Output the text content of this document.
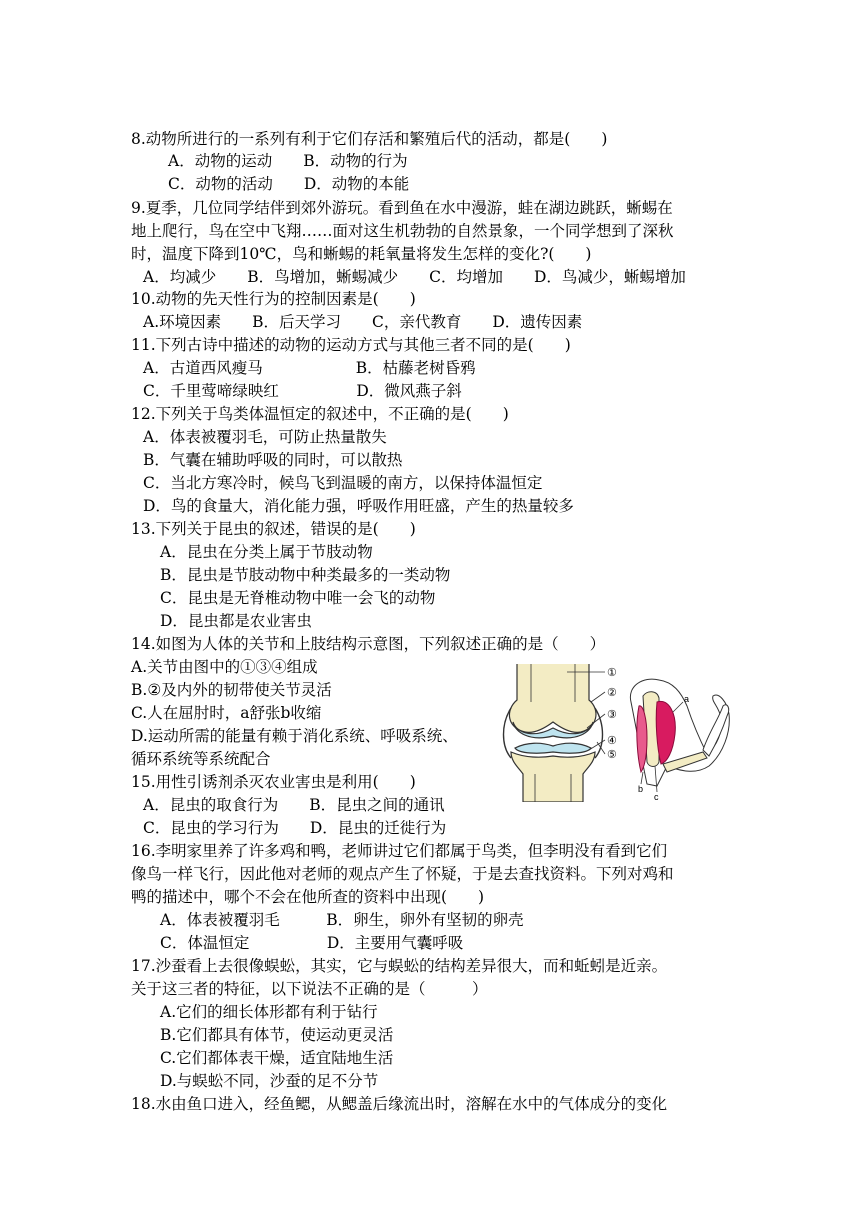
8.动物所进行的一系列有利于它们存活和繁殖后代的活动，都是(　　)
A．动物的运动　　B．动物的行为
C．动物的活动　　D．动物的本能
9.夏季，几位同学结伴到郊外游玩。看到鱼在水中漫游，蛙在湖边跳跃，蜥蜴在
地上爬行，鸟在空中飞翔……面对这生机勃勃的自然景象，一个同学想到了深秋
时，温度下降到10℃，鸟和蜥蜴的耗氧量将发生怎样的变化?(　　)
A．均减少　　B．鸟增加，蜥蜴减少　　C．均增加　　D．鸟减少，蜥蜴增加
10.动物的先天性行为的控制因素是(　　)
A.环境因素　　B．后天学习　　C，亲代教育　　D．遗传因素
11.下列古诗中描述的动物的运动方式与其他三者不同的是(　　)
A．古道西风瘦马　　　　　　B．枯藤老树昏鸦
C．千里莺啼绿映红　　　　　D．微风燕子斜
12.下列关于鸟类体温恒定的叙述中，不正确的是(　　)
A．体表被覆羽毛，可防止热量散失
B．气囊在辅助呼吸的同时，可以散热
C．当北方寒冷时，候鸟飞到温暖的南方，以保持体温恒定
D．鸟的食量大，消化能力强，呼吸作用旺盛，产生的热量较多
13.下列关于昆虫的叙述，错误的是(　　)
A．昆虫在分类上属于节肢动物
B．昆虫是节肢动物中种类最多的一类动物
C．昆虫是无脊椎动物中唯一会飞的动物
D．昆虫都是农业害虫
14.如图为人体的关节和上肢结构示意图，下列叙述正确的是（　　）
A.关节由图中的①③④组成
B.②及内外的韧带使关节灵活
C.人在屈肘时，a舒张b收缩
D.运动所需的能量有赖于消化系统、呼吸系统、
循环系统等系统配合
15.用性引诱剂杀灭农业害虫是利用(　　)
A．昆虫的取食行为　　B．昆虫之间的通讯
C．昆虫的学习行为　　D．昆虫的迁徙行为
16.李明家里养了许多鸡和鸭，老师讲过它们都属于鸟类，但李明没有看到它们
像鸟一样飞行，因此他对老师的观点产生了怀疑，于是去查找资料。下列对鸡和
鸭的描述中，哪个不会在他所查的资料中出现(　　)
A．体表被覆羽毛　　　B．卵生，卵外有坚韧的卵壳
C．体温恒定　　　　　D．主要用气囊呼吸
17.沙蚕看上去很像蜈蚣，其实，它与蜈蚣的结构差异很大，而和蚯蚓是近亲。
关于这三者的特征，以下说法不正确的是（　　　）
A.它们的细长体形都有利于钻行
B.它们都具有体节，使运动更灵活
C.它们都体表干燥，适宜陆地生活
D.与蜈蚣不同，沙蚕的足不分节
18.水由鱼口进入，经鱼鳃，从鳃盖后缘流出时，溶解在水中的气体成分的变化
①
②
③
④
⑤
a
b
c
